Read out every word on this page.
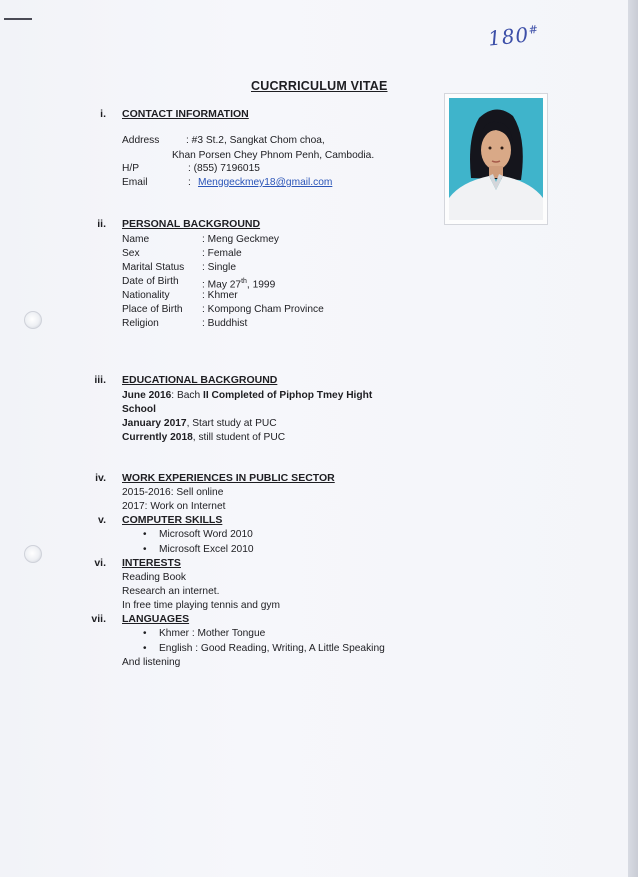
180#
CUCRRICULUM VITAE
i. CONTACT INFORMATION
Address	: #3 St.2, Sangkat Chom choa,
Khan Porsen Chey Phnom Penh, Cambodia.
H/P	: (855) 7196015
Email	: Menggeckmey18@gmail.com
ii. PERSONAL BACKGROUND
Name	: Meng Geckmey
Sex	: Female
Marital Status : Single
Date of Birth : May 27th, 1999
Nationality	: Khmer
Place of Birth : Kompong Cham Province
Religion	: Buddhist
iii. EDUCATIONAL BACKGROUND
June 2016: Bach II Completed of Piphop Tmey Hight
School
January 2017, Start study at PUC
Currently 2018, still student of PUC
iv. WORK EXPERIENCES IN PUBLIC SECTOR
2015-2016: Sell online
2017: Work on Internet
v. COMPUTER SKILLS
• Microsoft Word 2010
• Microsoft Excel 2010
vi. INTERESTS
Reading Book
Research an internet.
In free time playing tennis and gym
vii. LANGUAGES
• Khmer : Mother Tongue
• English : Good Reading, Writing, A Little Speaking
And listening
